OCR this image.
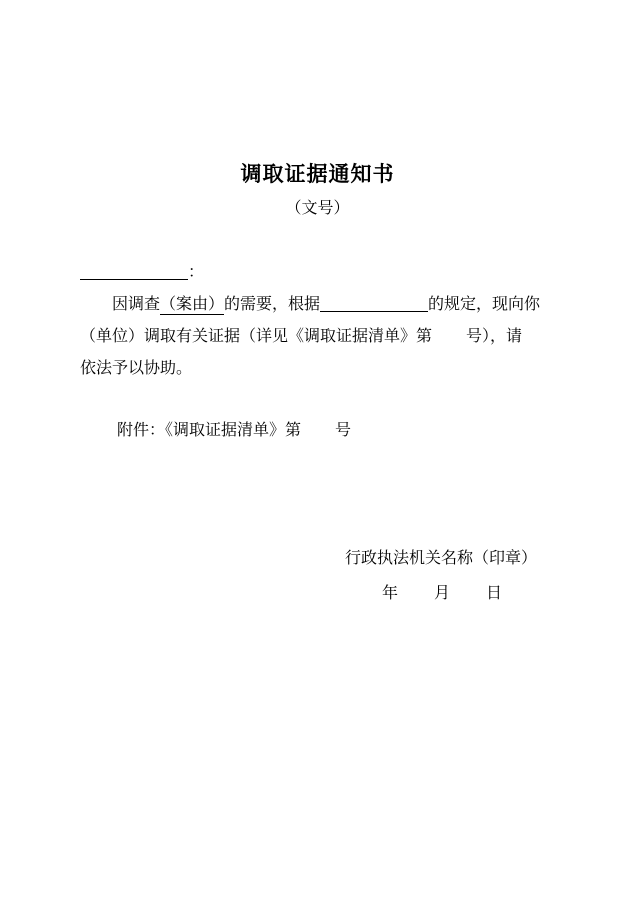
调取证据通知书
（文号）
：
因调查（案由）的需要，根据	的规定，现向你
（单位）调取有关证据（详见《调取证据清单》第 号），请
依法予以协助。
附件：《调取证据清单》第 号
行政执法机关名称（印章）
年 月 日
